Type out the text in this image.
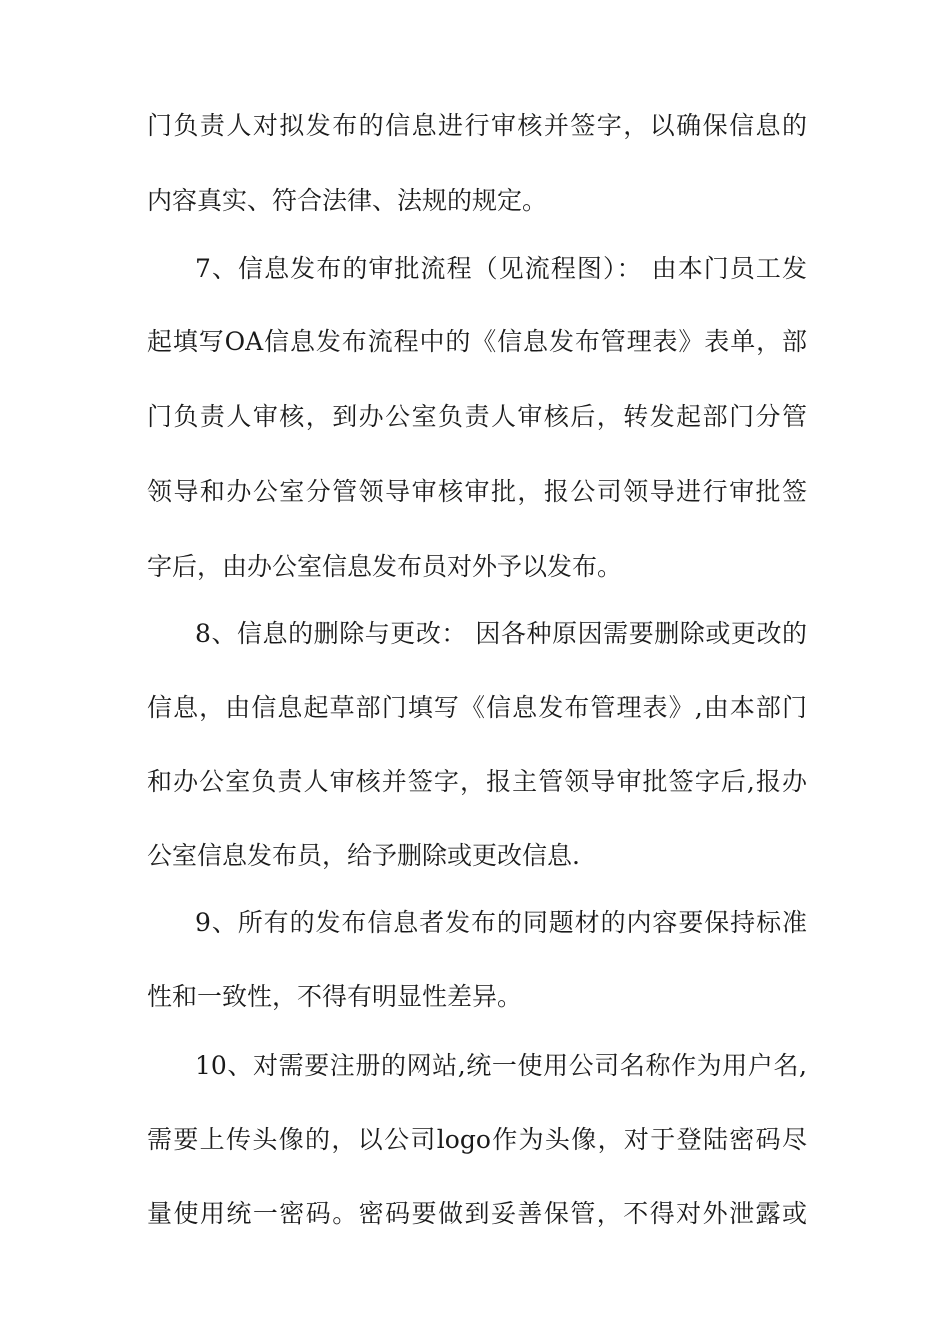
门负责人对拟发布的信息进行审核并签字，以确保信息的
内容真实、符合法律、法规的规定。
7、信息发布的审批流程（见流程图）： 由本门员工发
起填写OA信息发布流程中的《信息发布管理表》表单，部
门负责人审核，到办公室负责人审核后，转发起部门分管
领导和办公室分管领导审核审批，报公司领导进行审批签
字后，由办公室信息发布员对外予以发布。
8、信息的删除与更改： 因各种原因需要删除或更改的
信息，由信息起草部门填写《信息发布管理表》,由本部门
和办公室负责人审核并签字，报主管领导审批签字后,报办
公室信息发布员，给予删除或更改信息.
9、所有的发布信息者发布的同题材的内容要保持标准
性和一致性，不得有明显性差异。
10、对需要注册的网站,统一使用公司名称作为用户名,
需要上传头像的，以公司logo作为头像，对于登陆密码尽
量使用统一密码。密码要做到妥善保管，不得对外泄露或
